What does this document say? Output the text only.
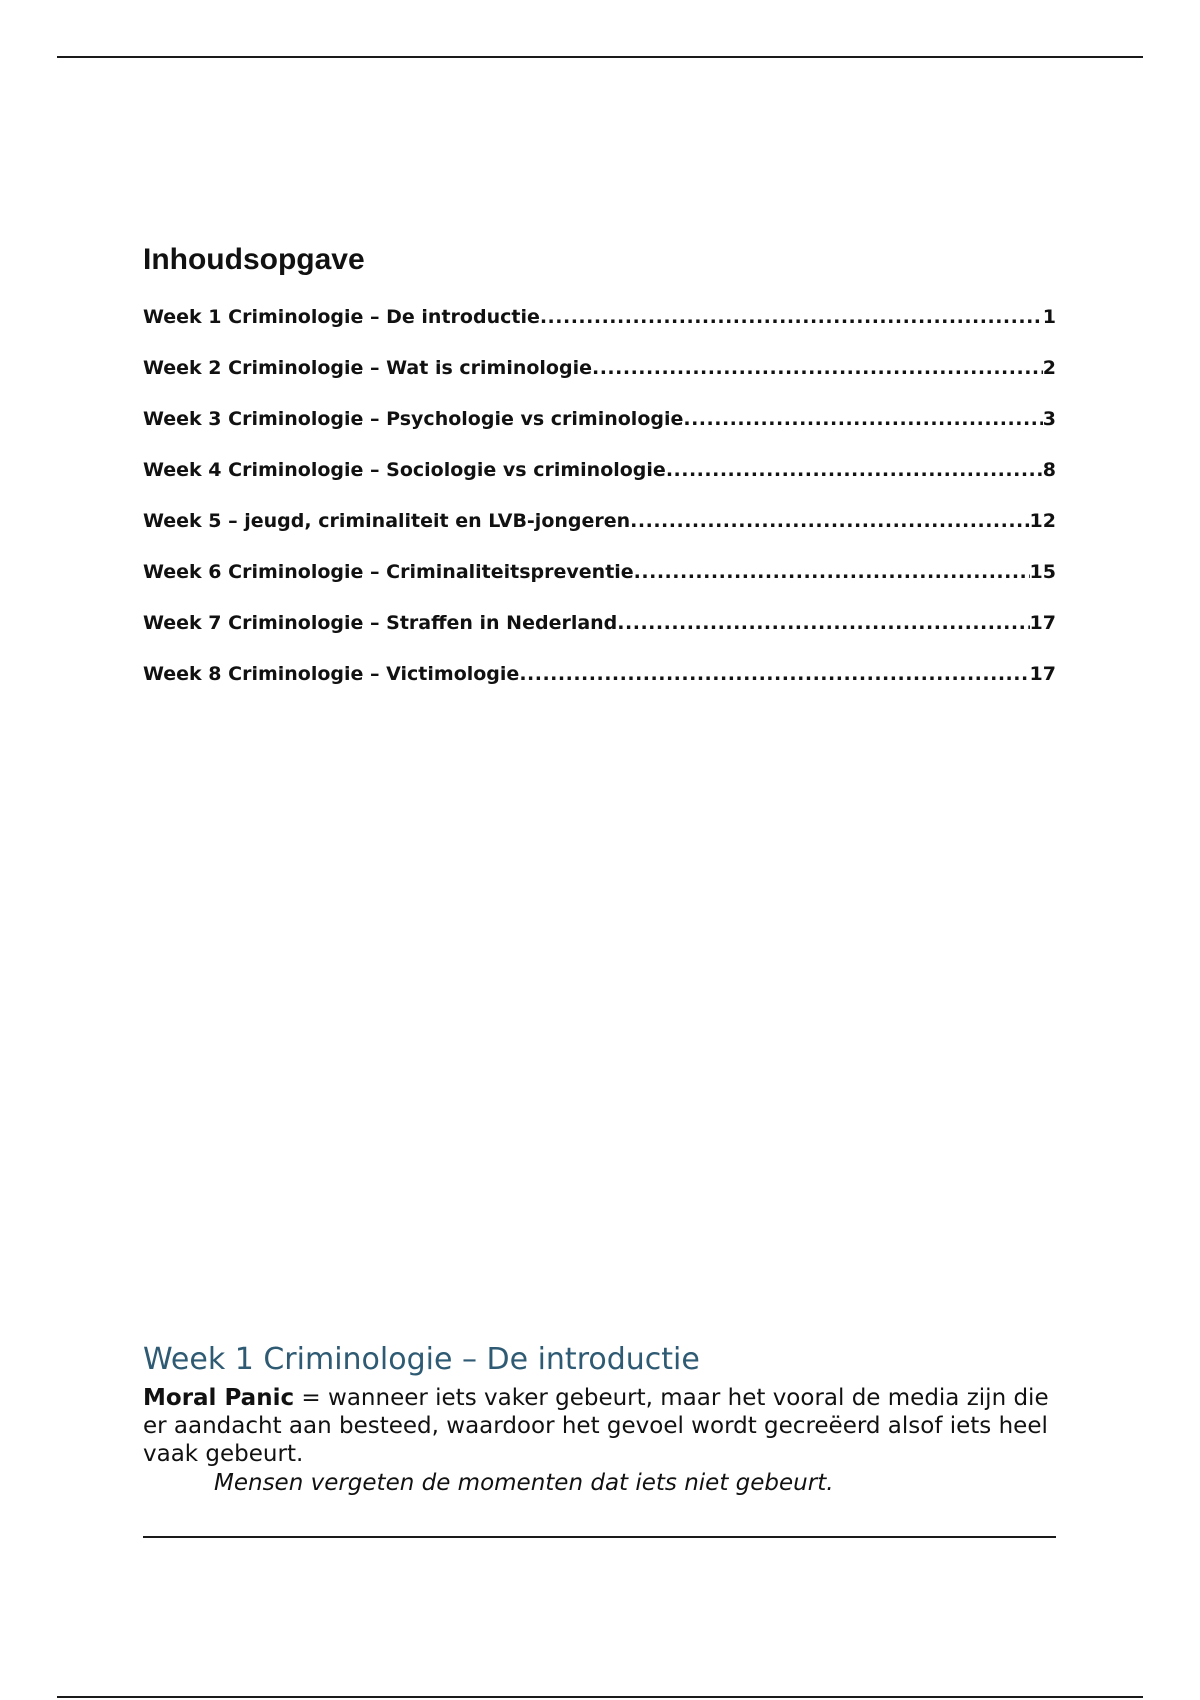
Inhoudsopgave
Week 1 Criminologie – De introductie .....	1
Week 2 Criminologie – Wat is criminologie .....	2
Week 3 Criminologie – Psychologie vs criminologie .....	3
Week 4 Criminologie – Sociologie vs criminologie .....	8
Week 5 – jeugd, criminaliteit en LVB-jongeren .....	12
Week 6 Criminologie – Criminaliteitspreventie .....	15
Week 7 Criminologie – Straffen in Nederland .....	17
Week 8 Criminologie – Victimologie .....	17
Week 1 Criminologie – De introductie

Moral Panic = wanneer iets vaker gebeurt, maar het vooral de media zijn die er aandacht aan besteed, waardoor het gevoel wordt gecreëerd alsof iets heel vaak gebeurt.

Mensen vergeten de momenten dat iets niet gebeurt.
